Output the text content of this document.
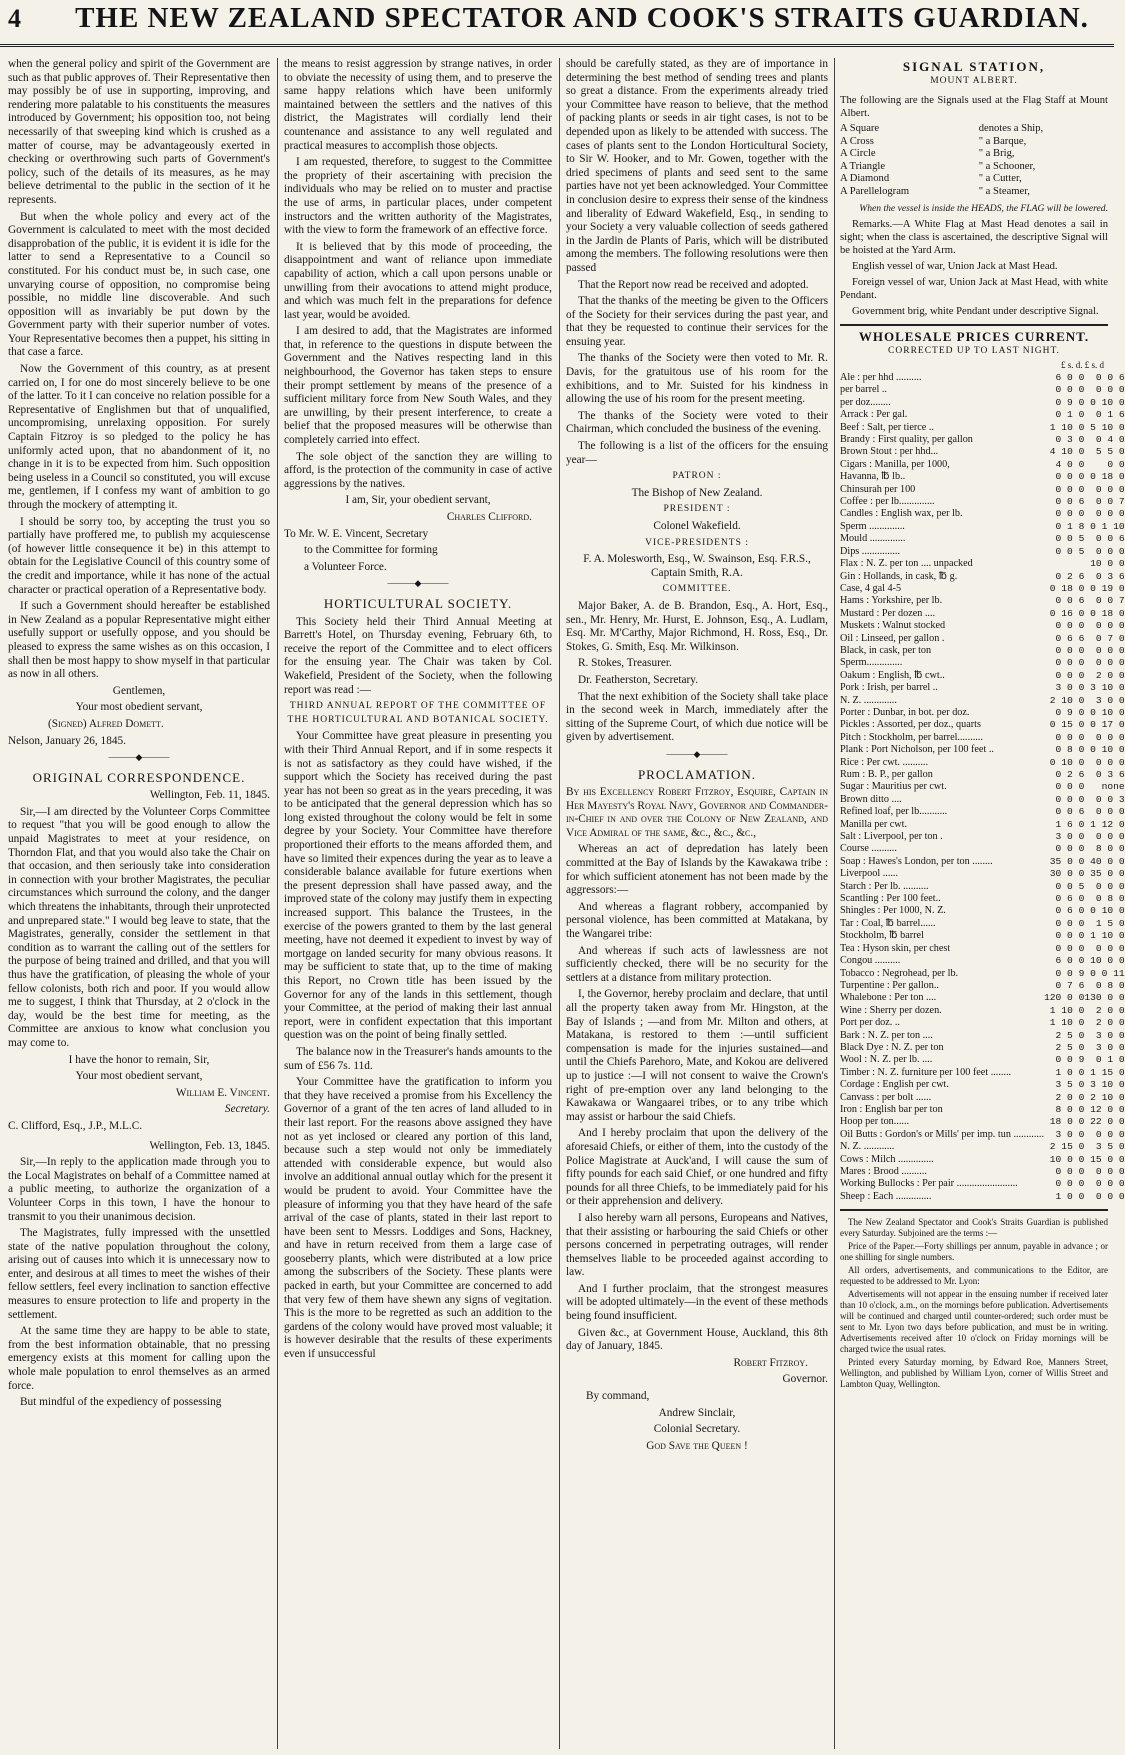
4	THE NEW ZEALAND SPECTATOR AND COOK'S STRAITS GUARDIAN.

when the general policy and spirit of the Government are such as that public approves of. Their Representative then may possibly be of use in supporting, improving, and rendering more palatable to his constituents the measures introduced by Government; his opposition too, not being necessarily of that sweeping kind which is crushed as a matter of course, may be advantageously exerted in checking or overthrowing such parts of Government's policy, such of the details of its measures, as he may believe detrimental to the public in the section of it he represents.

But when the whole policy and every act of the Government is calculated to meet with the most decided disapprobation of the public, it is evident it is idle for the latter to send a Representative to a Council so constituted. For his conduct must be, in such case, one unvarying course of opposition, no compromise being possible, no middle line discoverable. And such opposition will as invariably be put down by the Government party with their superior number of votes. Your Representative becomes then a puppet, his sitting in that case a farce.

Now the Government of this country, as at present carried on, I for one do most sincerely believe to be one of the latter. To it I can conceive no relation possible for a Representative of Englishmen but that of unqualified, uncompromising, unrelaxing opposition. For surely Captain Fitzroy is so pledged to the policy he has uniformly acted upon, that no abandonment of it, no change in it is to be expected from him. Such opposition being useless in a Council so constituted, you will excuse me, gentlemen, if I confess my want of ambition to go through the mockery of attempting it.

I should be sorry too, by accepting the trust you so partially have proffered me, to publish my acquiescense (of however little consequence it be) in this attempt to obtain for the Legislative Council of this country some of the credit and importance, while it has none of the actual character or practical operation of a Representative body.

If such a Government should hereafter be established in New Zealand as a popular Representative might either usefully support or usefully oppose, and you should be pleased to express the same wishes as on this occasion, I shall then be most happy to show myself in that particular as now in all others.

Gentlemen,

Your most obedient servant,

(Signed) Alfred Domett.

Nelson, January 26, 1845.

———◆———
ORIGINAL CORRESPONDENCE.

Wellington, Feb. 11, 1845.

Sir,—I am directed by the Volunteer Corps Committee to request "that you will be good enough to allow the unpaid Magistrates to meet at your residence, on Thorndon Flat, and that you would also take the Chair on that occasion, and then seriously take into consideration in connection with your brother Magistrates, the peculiar circumstances which surround the colony, and the danger which threatens the inhabitants, through their unprotected and unprepared state." I would beg leave to state, that the Magistrates, generally, consider the settlement in that condition as to warrant the calling out of the settlers for the purpose of being trained and drilled, and that you will thus have the gratification, of pleasing the whole of your fellow colonists, both rich and poor. If you would allow me to suggest, I think that Thursday, at 2 o'clock in the day, would be the best time for meeting, as the Committee are anxious to know what conclusion you may come to.

I have the honor to remain, Sir,

Your most obedient servant,

William E. Vincent.

Secretary.

C. Clifford, Esq., J.P., M.L.C.

Wellington, Feb. 13, 1845.

Sir,—In reply to the application made through you to the Local Magistrates on behalf of a Committee named at a public meeting, to authorize the organization of a Volunteer Corps in this town, I have the honour to transmit to you their unanimous decision.

The Magistrates, fully impressed with the unsettled state of the native population throughout the colony, arising out of causes into which it is unnecessary now to enter, and desirous at all times to meet the wishes of their fellow settlers, feel every inclination to sanction effective measures to ensure protection to life and property in the settlement.

At the same time they are happy to be able to state, from the best information obtainable, that no pressing emergency exists at this moment for calling upon the whole male population to enrol themselves as an armed force.

But mindful of the expediency of possessing

the means to resist aggression by strange natives, in order to obviate the necessity of using them, and to preserve the same happy relations which have been uniformly maintained between the settlers and the natives of this district, the Magistrates will cordially lend their countenance and assistance to any well regulated and practical measures to accomplish those objects.

I am requested, therefore, to suggest to the Committee the propriety of their ascertaining with precision the individuals who may be relied on to muster and practise the use of arms, in particular places, under competent instructors and the written authority of the Magistrates, with the view to form the framework of an effective force.

It is believed that by this mode of proceeding, the disappointment and want of reliance upon immediate capability of action, which a call upon persons unable or unwilling from their avocations to attend might produce, and which was much felt in the preparations for defence last year, would be avoided.

I am desired to add, that the Magistrates are informed that, in reference to the questions in dispute between the Government and the Natives respecting land in this neighbourhood, the Governor has taken steps to ensure their prompt settlement by means of the presence of a sufficient military force from New South Wales, and they are unwilling, by their present interference, to create a belief that the proposed measures will be otherwise than completely carried into effect.

The sole object of the sanction they are willing to afford, is the protection of the community in case of active aggressions by the natives.

I am, Sir, your obedient servant,

Charles Clifford.

To Mr. W. E. Vincent, Secretary

to the Committee for forming

a Volunteer Force.

———◆———
HORTICULTURAL SOCIETY.

This Society held their Third Annual Meeting at Barrett's Hotel, on Thursday evening, February 6th, to receive the report of the Committee and to elect officers for the ensuing year. The Chair was taken by Col. Wakefield, President of the Society, when the following report was read :—

THIRD ANNUAL REPORT OF THE COMMITTEE OF THE HORTICULTURAL AND BOTANICAL SOCIETY.

Your Committee have great pleasure in presenting you with their Third Annual Report, and if in some respects it is not as satisfactory as they could have wished, if the support which the Society has received during the past year has not been so great as in the years preceding, it was to be anticipated that the general depression which has so long existed throughout the colony would be felt in some degree by your Society. Your Committee have therefore proportioned their efforts to the means afforded them, and have so limited their expences during the year as to leave a considerable balance available for future exertions when the present depression shall have passed away, and the improved state of the colony may justify them in expecting increased support. This balance the Trustees, in the exercise of the powers granted to them by the last general meeting, have not deemed it expedient to invest by way of mortgage on landed security for many obvious reasons. It may be sufficient to state that, up to the time of making this Report, no Crown title has been issued by the Governor for any of the lands in this settlement, though your Committee, at the period of making their last annual report, were in confident expectation that this important question was on the point of being finally settled.

The balance now in the Treasurer's hands amounts to the sum of £56 7s. 11d.

Your Committee have the gratification to inform you that they have received a promise from his Excellency the Governor of a grant of the ten acres of land alluded to in their last report. For the reasons above assigned they have not as yet inclosed or cleared any portion of this land, because such a step would not only be immediately attended with considerable expence, but would also involve an additional annual outlay which for the present it would be prudent to avoid. Your Committee have the pleasure of informing you that they have heard of the safe arrival of the case of plants, stated in their last report to have been sent to Messrs. Loddiges and Sons, Hackney, and have in return received from them a large case of gooseberry plants, which were distributed at a low price among the subscribers of the Society. These plants were packed in earth, but your Committee are concerned to add that very few of them have shewn any signs of vegitation. This is the more to be regretted as such an addition to the gardens of the colony would have proved most valuable; it is however desirable that the results of these experiments even if unsuccessful

should be carefully stated, as they are of importance in determining the best method of sending trees and plants so great a distance. From the experiments already tried your Committee have reason to believe, that the method of packing plants or seeds in air tight cases, is not to be depended upon as likely to be attended with success. The cases of plants sent to the London Horticultural Society, to Sir W. Hooker, and to Mr. Gowen, together with the dried specimens of plants and seed sent to the same parties have not yet been acknowledged. Your Committee in conclusion desire to express their sense of the kindness and liberality of Edward Wakefield, Esq., in sending to your Society a very valuable collection of seeds gathered in the Jardin de Plants of Paris, which will be distributed among the members. The following resolutions were then passed

That the Report now read be received and adopted.

That the thanks of the meeting be given to the Officers of the Society for their services during the past year, and that they be requested to continue their services for the ensuing year.

The thanks of the Society were then voted to Mr. R. Davis, for the gratuitous use of his room for the exhibitions, and to Mr. Suisted for his kindness in allowing the use of his room for the present meeting.

The thanks of the Society were voted to their Chairman, which concluded the business of the evening.

The following is a list of the officers for the ensuing year—

PATRON :

The Bishop of New Zealand.

PRESIDENT :

Colonel Wakefield.

VICE-PRESIDENTS :

F. A. Molesworth, Esq., W. Swainson, Esq. F.R.S., Captain Smith, R.A.

COMMITTEE.

Major Baker, A. de B. Brandon, Esq., A. Hort, Esq., sen., Mr. Henry, Mr. Hurst, E. Johnson, Esq., A. Ludlam, Esq. Mr. M'Carthy, Major Richmond, H. Ross, Esq., Dr. Stokes, G. Smith, Esq. Mr. Wilkinson.

R. Stokes, Treasurer.

Dr. Featherston, Secretary.

That the next exhibition of the Society shall take place in the second week in March, immediately after the sitting of the Supreme Court, of which due notice will be given by advertisement.

———◆———
PROCLAMATION.

By his Excellency Robert Fitzroy, Esquire, Captain in Her Mayesty's Royal Navy, Governor and Commander-in-Chief in and over the Colony of New Zealand, and Vice Admiral of the same, &c., &c., &c.,

Whereas an act of depredation has lately been committed at the Bay of Islands by the Kawakawa tribe : for which sufficient atonement has not been made by the aggressors:—

And whereas a flagrant robbery, accompanied by personal violence, has been committed at Matakana, by the Wangarei tribe:

And whereas if such acts of lawlessness are not sufficiently checked, there will be no security for the settlers at a distance from military protection.

I, the Governor, hereby proclaim and declare, that until all the property taken away from Mr. Hingston, at the Bay of Islands ; —and from Mr. Milton and others, at Matakana, is restored to them :—until sufficient compensation is made for the injuries sustained—and until the Chiefs Parehoro, Mate, and Kokou are delivered up to justice :—I will not consent to waive the Crown's right of pre-emption over any land belonging to the Kawakawa or Wangaarei tribes, or to any tribe which may assist or harbour the said Chiefs.

And I hereby proclaim that upon the delivery of the aforesaid Chiefs, or either of them, into the custody of the Police Magistrate at Auck'and, I will cause the sum of fifty pounds for each said Chief, or one hundred and fifty pounds for all three Chiefs, to be immediately paid for his or their apprehension and delivery.

I also hereby warn all persons, Europeans and Natives, that their assisting or harbouring the said Chiefs or other persons concerned in perpetrating outrages, will render themselves liable to be proceeded against according to law.

And I further proclaim, that the strongest measures will be adopted ultimately—in the event of these methods being found insufficient.

Given &c., at Government House, Auckland, this 8th day of January, 1845.

Robert Fitzroy.

Governor.

By command,

Andrew Sinclair,

Colonial Secretary.

God Save the Queen !

SIGNAL STATION,
MOUNT ALBERT.

The following are the Signals used at the Flag Staff at Mount Albert.

A Square	denotes a Ship,
A Cross	" a Barque,
A Circle	" a Brig,
A Triangle	" a Schooner,
A Diamond	" a Cutter,
A Parellelogram	" a Steamer,

When the vessel is inside the HEADS, the FLAG will be lowered.

Remarks.—A White Flag at Mast Head denotes a sail in sight; when the class is ascertained, the descriptive Signal will be hoisted at the Yard Arm.

English vessel of war, Union Jack at Mast Head.

Foreign vessel of war, Union Jack at Mast Head, with white Pendant.

Government brig, white Pendant under descriptive Signal.

WHOLESALE PRICES CURRENT.
CORRECTED UP TO LAST NIGHT.
£ s. d. £ s. d
Ale : per hhd ..........	6 0 0	0 0 6
per barrel ..	0 0 0	0 0 0
per doz........	0 9 0	0 10 0
Arrack : Per gal.	0 1 0	0 1 6
Beef : Salt, per tierce ..	1 10 0	5 10 0
Brandy : First quality, per gallon	0 3 0	0 4 0
Brown Stout : per hhd...	4 10 0	5 5 0
Cigars : Manilla, per 1000,	4 0 0	0 0
Havanna, ℔ lb..	0 0 0	0 18 0
Chinsurah per 100	0 0 0	0 0 0
Coffee : per lb..............	0 0 6	0 0 7
Candles : English wax, per lb.	0 0 0	0 0 0
Sperm ..............	0 1 8	0 1 10
Mould ..............	0 0 5	0 0 6
Dips ...............	0 0 5	0 0 0
Flax : N. Z. per ton .... unpacked		10 0 0
Gin : Hollands, in cask, ℔ g.	0 2 6	0 3 6
Case, 4 gal 4-5	0 18 0	0 19 0
Hams : Yorkshire, per lb.	0 0 6	0 0 7
Mustard : Per dozen ....	0 16 0	0 18 0
Muskets : Walnut stocked	0 0 0	0 0 0
Oil : Linseed, per gallon .	0 6 6	0 7 0
Black, in cask, per ton	0 0 0	0 0 0
Sperm..............	0 0 0	0 0 0
Oakum : English, ℔ cwt..	0 0 0	2 0 0
Pork : Irish, per barrel ..	3 0 0	3 10 0
N. Z. .............	2 10 0	3 0 0
Porter : Dunbar, in bot. per doz.	0 9 0	0 10 0
Pickles : Assorted, per doz., quarts	0 15 0	0 17 0
Pitch : Stockholm, per barrel..........	0 0 0	0 0 0
Plank : Port Nicholson, per 100 feet ..	0 8 0	0 10 0
Rice : Per cwt. ..........	0 10 0	0 0 0
Rum : B. P., per gallon	0 2 6	0 3 6
Sugar : Mauritius per cwt.	0 0 0	none
Brown ditto ....	0 0 0	0 0 3
Refined loaf, per lb...........	0 0 6	0 0 0
Manilla per cwt.	1 6 0	1 12 0
Salt : Liverpool, per ton .	3 0 0	0 0 0
Course ..........	0 0 0	8 0 0
Soap : Hawes's London, per ton ........	35 0 0	40 0 0
Liverpool ......	30 0 0	35 0 0
Starch : Per lb. ..........	0 0 5	0 0 0
Scantling : Per 100 feet..	0 6 0	0 8 0
Shingles : Per 1000, N. Z.	0 6 0	0 10 0
Tar : Coal, ℔ barrel......	0 0 0	1 5 0
Stockholm, ℔ barrel	0 0 0	1 10 0
Tea : Hyson skin, per chest	0 0 0	0 0 0
Congou ..........	6 0 0	10 0 0
Tobacco : Negrohead, per lb.	0 0 9	0 0 11
Turpentine : Per gallon..	0 7 6	0 8 0
Whalebone : Per ton ....	120 0 0	130 0 0
Wine : Sherry per dozen.	1 10 0	2 0 0
Port per doz. ..	1 10 0	2 0 0
Bark : N. Z. per ton ....	2 5 0	3 0 0
Black Dye : N. Z. per ton	2 5 0	3 0 0
Wool : N. Z. per lb. ....	0 0 9	0 1 0
Timber : N. Z. furniture per 100 feet ........	1 0 0	1 15 0
Cordage : English per cwt.	3 5 0	3 10 0
Canvass : per bolt ......	2 0 0	2 10 0
Iron : English bar per ton	8 0 0	12 0 0
Hoop per ton......	18 0 0	22 0 0
Oil Butts : Gordon's or Mills' per imp. tun ............	3 0 0	0 0 0
N. Z. ............	2 15 0	3 5 0
Cows : Milch ..............	10 0 0	15 0 0
Mares : Brood ..........	0 0 0	0 0 0
Working Bullocks : Per pair ........................	0 0 0	0 0 0
Sheep : Each ..............	1 0 0	0 0 0

The New Zealand Spectator and Cook's Straits Guardian is published every Saturday. Subjoined are the terms :—

Price of the Paper.—Forty shillings per annum, payable in advance ; or one shilling for single numbers.

All orders, advertisements, and communications to the Editor, are requested to be addressed to Mr. Lyon:

Advertisements will not appear in the ensuing number if received later than 10 o'clock, a.m., on the mornings before publication. Advertisements will be continued and charged until counter-ordered; such order must be sent to Mr. Lyon two days before publication, and must be in writing. Advertisements received after 10 o'clock on Friday mornings will be charged twice the usual rates.

Printed every Saturday morning, by Edward Roe, Manners Street, Wellington, and published by William Lyon, corner of Willis Street and Lambton Quay, Wellington.
